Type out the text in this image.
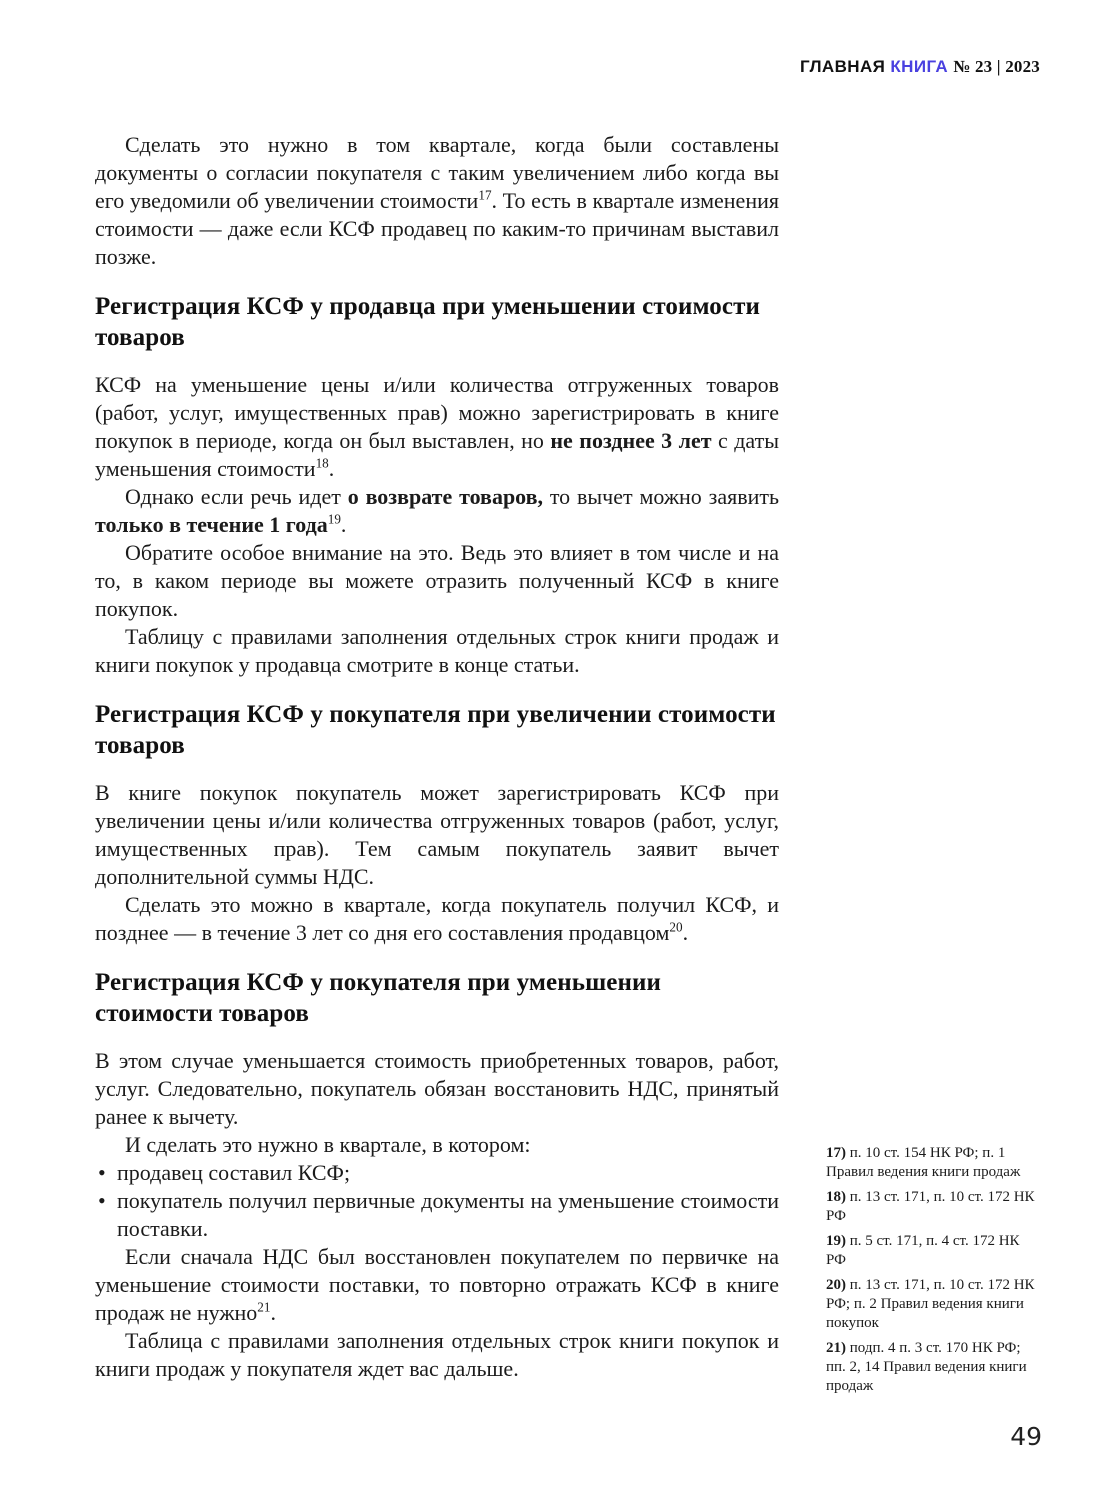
ГЛАВНАЯ КНИГА № 23 | 2023

Сделать это нужно в том квартале, когда были составлены документы о согласии покупателя с таким увеличением либо когда вы его уведомили об увеличении стоимости$^{17}$. То есть в квартале изменения стоимости — даже если КСФ продавец по каким-то причинам выставил позже.

Регистрация КСФ у продавца при уменьшении стоимости товаров

КСФ на уменьшение цены и/или количества отгруженных товаров (работ, услуг, имущественных прав) можно зарегистрировать в книге покупок в периоде, когда он был выставлен, но не позднее 3 лет с даты уменьшения стоимости$^{18}$.

Однако если речь идет о возврате товаров, то вычет можно заявить только в течение 1 года$^{19}$.

Обратите особое внимание на это. Ведь это влияет в том числе и на то, в каком периоде вы можете отразить полученный КСФ в книге покупок.

Таблицу с правилами заполнения отдельных строк книги продаж и книги покупок у продавца смотрите в конце статьи.

Регистрация КСФ у покупателя при увеличении стоимости товаров

В книге покупок покупатель может зарегистрировать КСФ при увеличении цены и/или количества отгруженных товаров (работ, услуг, имущественных прав). Тем самым покупатель заявит вычет дополнительной суммы НДС.

Сделать это можно в квартале, когда покупатель получил КСФ, и позднее — в течение 3 лет со дня его составления продавцом$^{20}$.

Регистрация КСФ у покупателя при уменьшении стоимости товаров

В этом случае уменьшается стоимость приобретенных товаров, работ, услуг. Следовательно, покупатель обязан восстановить НДС, принятый ранее к вычету.

И сделать это нужно в квартале, в котором:

• продавец составил КСФ;

• покупатель получил первичные документы на уменьшение стоимости поставки.

Если сначала НДС был восстановлен покупателем по первичке на уменьшение стоимости поставки, то повторно отражать КСФ в книге продаж не нужно$^{21}$.

Таблица с правилами заполнения отдельных строк книги покупок и книги продаж у покупателя ждет вас дальше.

17) п. 10 ст. 154 НК РФ; п. 1 Правил ведения книги продаж

18) п. 13 ст. 171, п. 10 ст. 172 НК РФ

19) п. 5 ст. 171, п. 4 ст. 172 НК РФ

20) п. 13 ст. 171, п. 10 ст. 172 НК РФ; п. 2 Правил ведения книги покупок

21) подп. 4 п. 3 ст. 170 НК РФ; пп. 2, 14 Правил ведения книги продаж

49
